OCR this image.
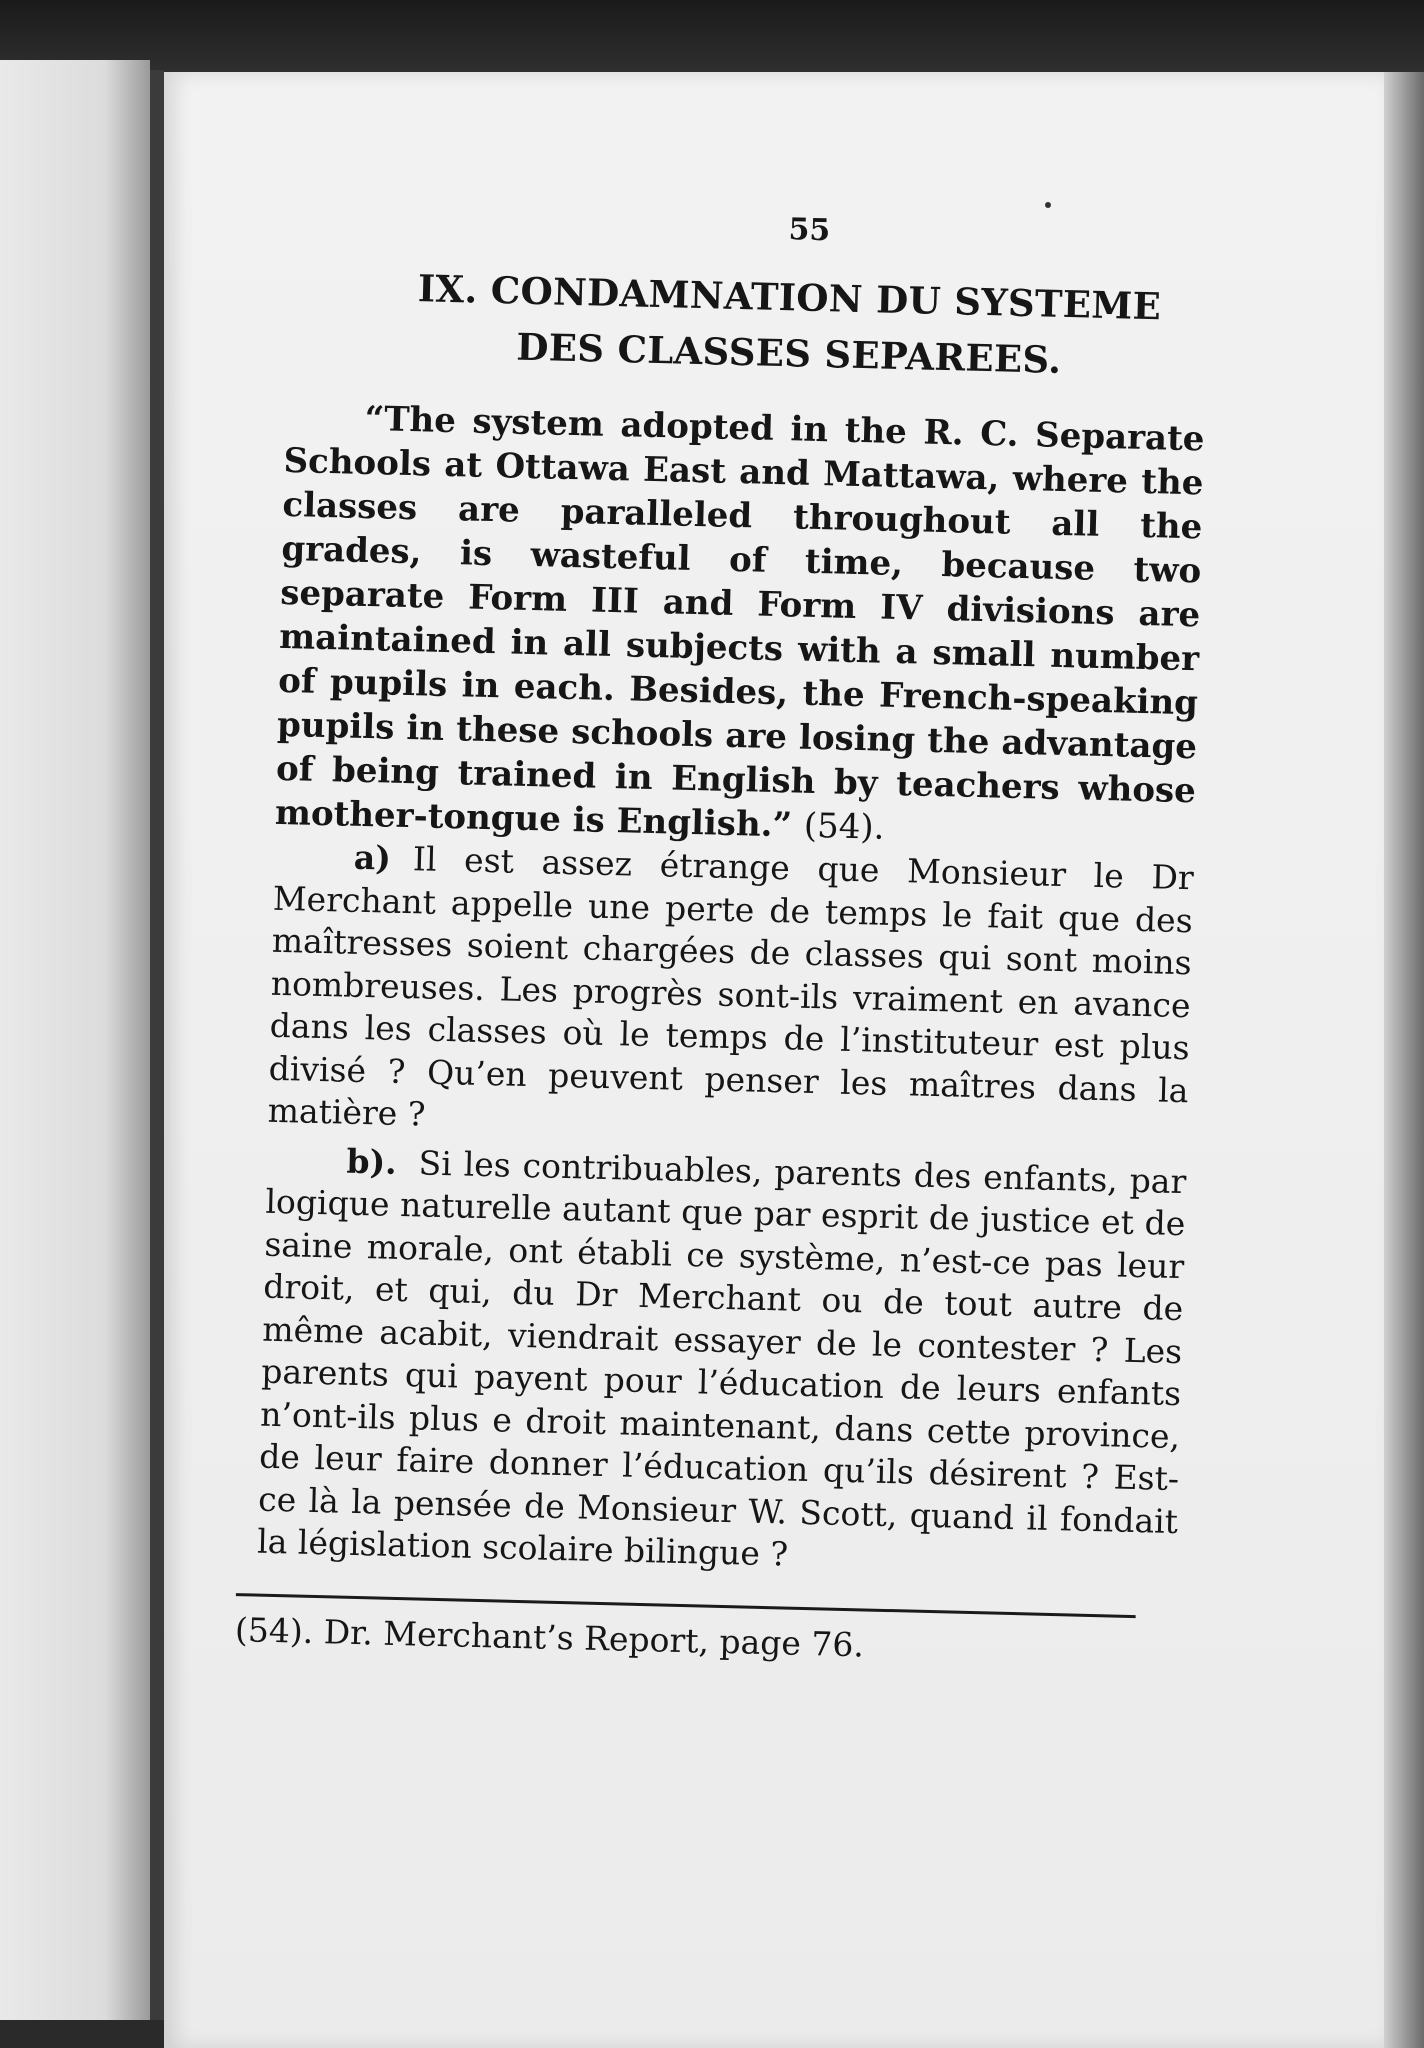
55
IX. CONDAMNATION DU SYSTEME
DES CLASSES SEPAREES.

“The system adopted in the R. C. Separate Schools at Ottawa East and Mattawa, where the classes are paralleled throughout all the grades, is wasteful of time, because two separate Form III and Form IV divisions are maintained in all subjects with a small number of pupils in each. Besides, the French-speaking pupils in these schools are losing the advantage of being trained in English by teachers whose mother-tongue is English.” (54).

a) Il est assez étrange que Monsieur le Dr Merchant appelle une perte de temps le fait que des maîtresses soient chargées de classes qui sont moins nombreuses. Les progrès sont-ils vraiment en avance dans les classes où le temps de l’instituteur est plus divisé ? Qu’en peuvent penser les maîtres dans la matière ?

b). Si les contribuables, parents des enfants, par logique naturelle autant que par esprit de justice et de saine morale, ont établi ce système, n’est-ce pas leur droit, et qui, du Dr Merchant ou de tout autre de même acabit, viendrait essayer de le contester ? Les parents qui payent pour l’éducation de leurs enfants n’ont-ils plus e droit maintenant, dans cette province, de leur faire donner l’éducation qu’ils désirent ? Est-ce là la pensée de Monsieur W. Scott, quand il fondait la législation scolaire bilingue ?

(54). Dr. Merchant’s Report, page 76.
